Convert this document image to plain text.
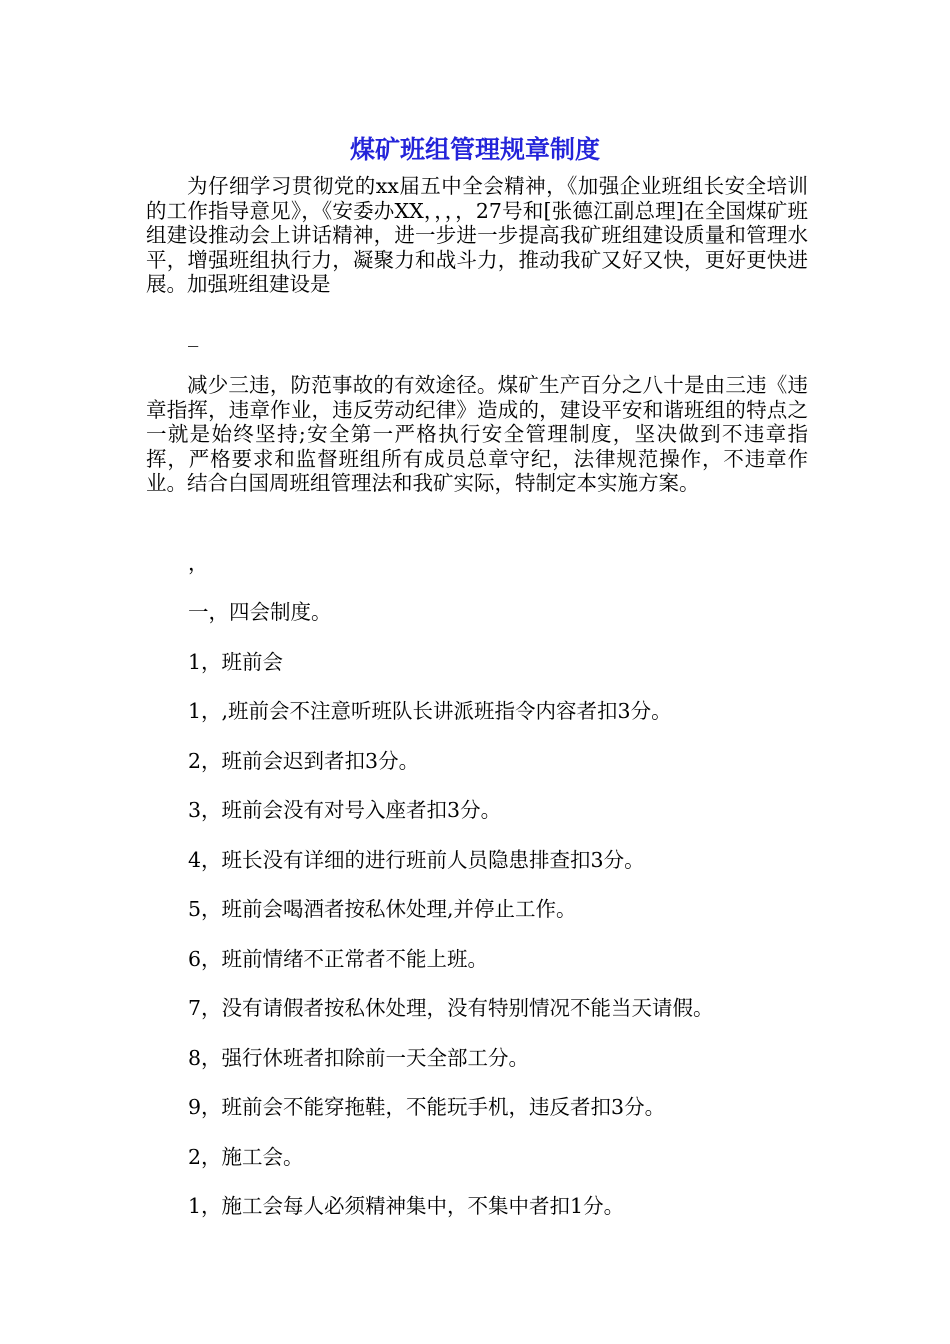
煤矿班组管理规章制度

为仔细学习贯彻党的xx届五中全会精神，《加强企业班组长安全培训的工作指导意见》，《安委办XX，，，，27号和[张德江副总理]在全国煤矿班组建设推动会上讲话精神，进一步进一步提高我矿班组建设质量和管理水平，增强班组执行力，凝聚力和战斗力，推动我矿又好又快，更好更快进展。加强班组建设是

_

减少三违，防范事故的有效途径。煤矿生产百分之八十是由三违《违章指挥，违章作业，违反劳动纪律》造成的，建设平安和谐班组的特点之一就是始终坚持;安全第一严格执行安全管理制度，坚决做到不违章指挥，严格要求和监督班组所有成员总章守纪，法律规范操作，不违章作业。结合白国周班组管理法和我矿实际，特制定本实施方案。

，

一，四会制度。

1，班前会

1，,班前会不注意听班队长讲派班指令内容者扣3分。

2，班前会迟到者扣3分。

3，班前会没有对号入座者扣3分。

4，班长没有详细的进行班前人员隐患排查扣3分。

5，班前会喝酒者按私休处理,并停止工作。

6，班前情绪不正常者不能上班。

7，没有请假者按私休处理，没有特别情况不能当天请假。

8，强行休班者扣除前一天全部工分。

9，班前会不能穿拖鞋，不能玩手机，违反者扣3分。

2，施工会。

1，施工会每人必须精神集中，不集中者扣1分。
